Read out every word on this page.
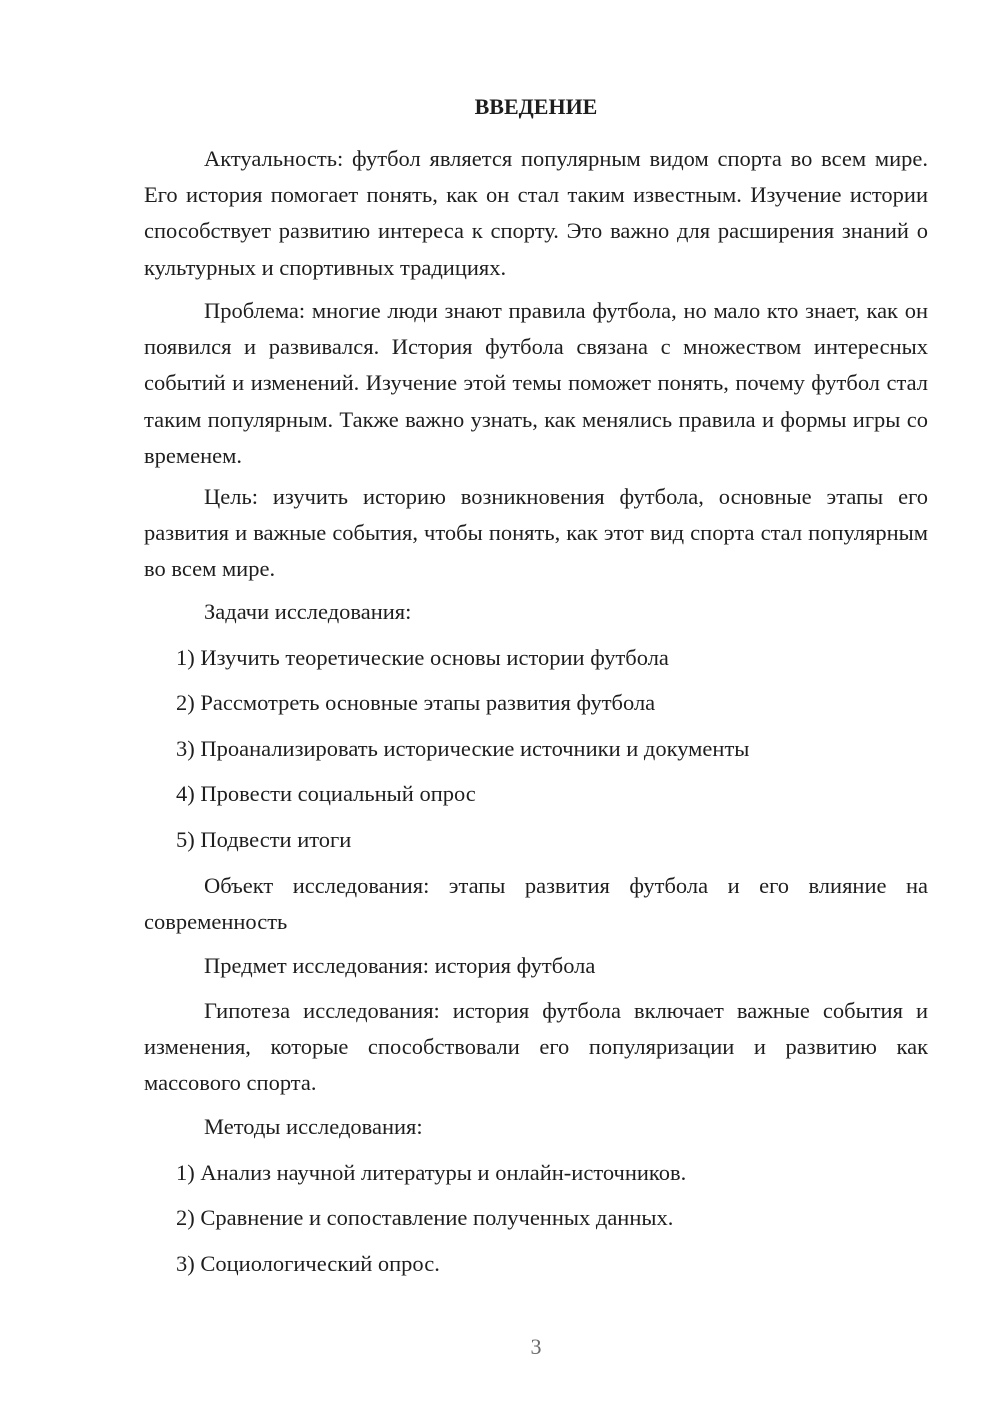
ВВЕДЕНИЕ

Актуальность: футбол является популярным видом спорта во всем мире. Его история помогает понять, как он стал таким известным. Изучение истории способствует развитию интереса к спорту. Это важно для расширения знаний о культурных и спортивных традициях.

Проблема: многие люди знают правила футбола, но мало кто знает, как он появился и развивался. История футбола связана с множеством интересных событий и изменений. Изучение этой темы поможет понять, почему футбол стал таким популярным. Также важно узнать, как менялись правила и формы игры со временем.

Цель: изучить историю возникновения футбола, основные этапы его развития и важные события, чтобы понять, как этот вид спорта стал популярным во всем мире.

Задачи исследования:

1) Изучить теоретические основы истории футбола

2) Рассмотреть основные этапы развития футбола

3) Проанализировать исторические источники и документы

4) Провести социальный опрос

5) Подвести итоги

Объект исследования: этапы развития футбола и его влияние на современность

Предмет исследования: история футбола

Гипотеза исследования: история футбола включает важные события и изменения, которые способствовали его популяризации и развитию как массового спорта.

Методы исследования:

1) Анализ научной литературы и онлайн-источников.

2) Сравнение и сопоставление полученных данных.

3) Социологический опрос.

3
